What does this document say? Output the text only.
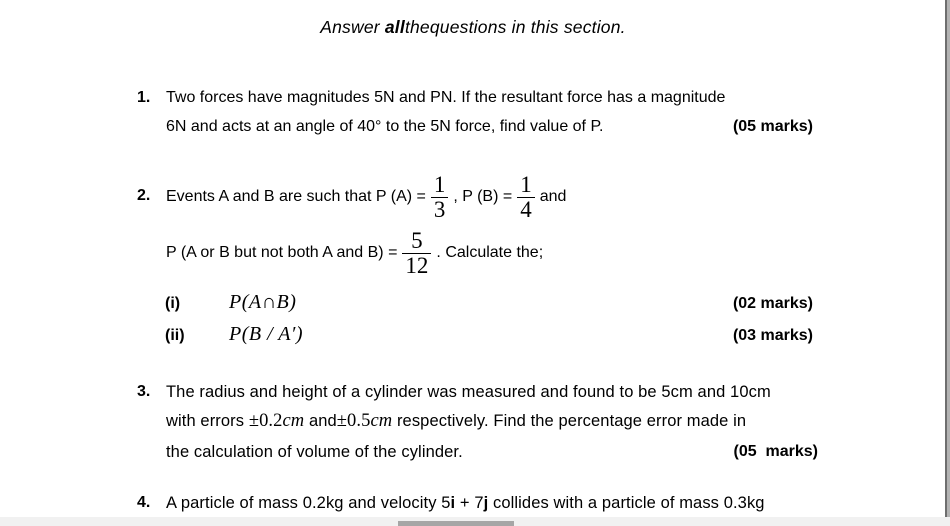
Answer allthequestions in this section.
1. Two forces have magnitudes 5N and PN. If the resultant force has a magnitude
6N and acts at an angle of 40° to the 5N force, find value of P.	(05 marks)
2. Events A and B are such that P $(A) = \frac{1}{3}$ , P $(B) = \frac{1}{4}$ and
P (A or B but not both A and $B) = \frac{5}{12}$ . Calculate the;
(i) P(A∩B)	(02 marks)
(ii) P(B / A′)	(03 marks)
3. The radius and height of a cylinder was measured and found to be 5cm and 10cm
with errors ±0.2cm and±0.5cm respectively. Find the percentage error made in
the calculation of volume of the cylinder.	(05  marks)
4. A particle of mass 0.2kg and velocity 5i + 7j collides with a particle of mass 0.3kg
